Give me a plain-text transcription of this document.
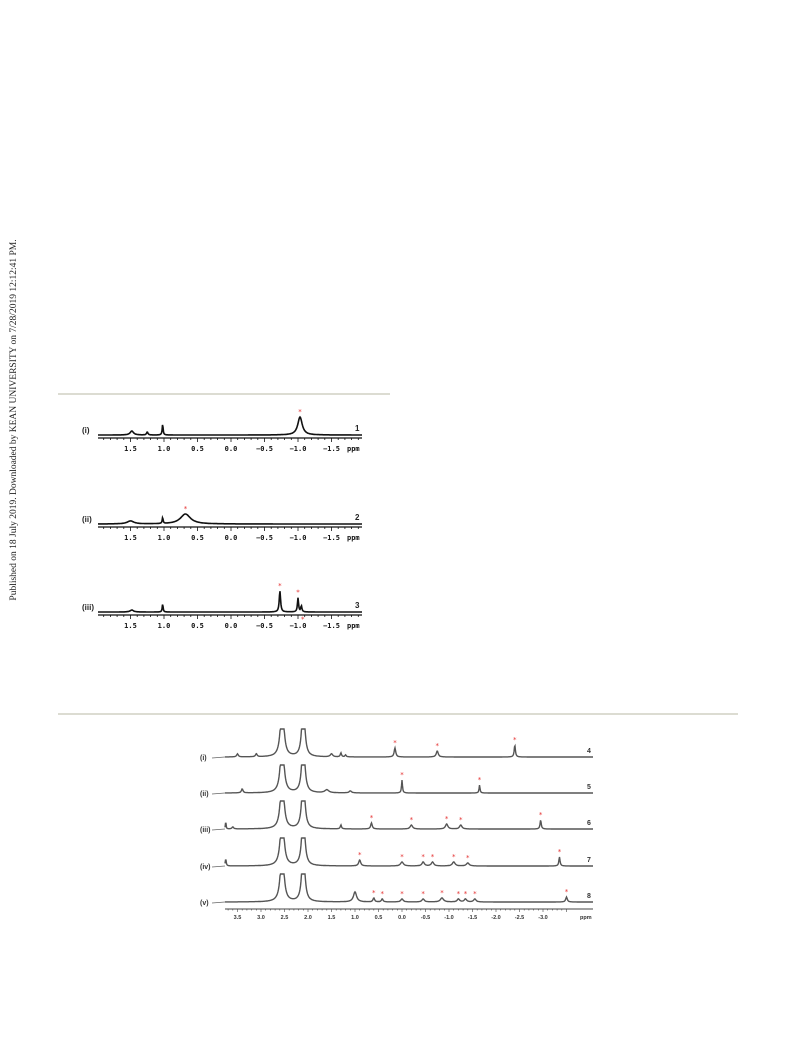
Published on 18 July 2019. Downloaded by KEAN UNIVERSITY on 7/28/2019 12:12:41 PM.	1.5	1.0	0.5	0.0	−0.5 −1.0 −1.5 ppm
(i)	1
*
1.5	1.0	0.5	0.0	−0.5 −1.0 −1.5 ppm
(ii)	2
*
1.5	1.0	0.5	0.0	−0.5 −1.0 −1.5 ppm
(iii)	3
*
*
*
(i)
4
*	*
*
(ii)
5
*
*
(iii)
6
*	*	* *
*
(iv)
7
*	*	* *	* *
*
(v)
8
* * *	* * * * *	*
3.5	3.0	2.5	2.0	1.5	1.0	0.5	0.0	-0.5	-1.0	-1.5	-2.0	-2.5	-3.0	ppm
